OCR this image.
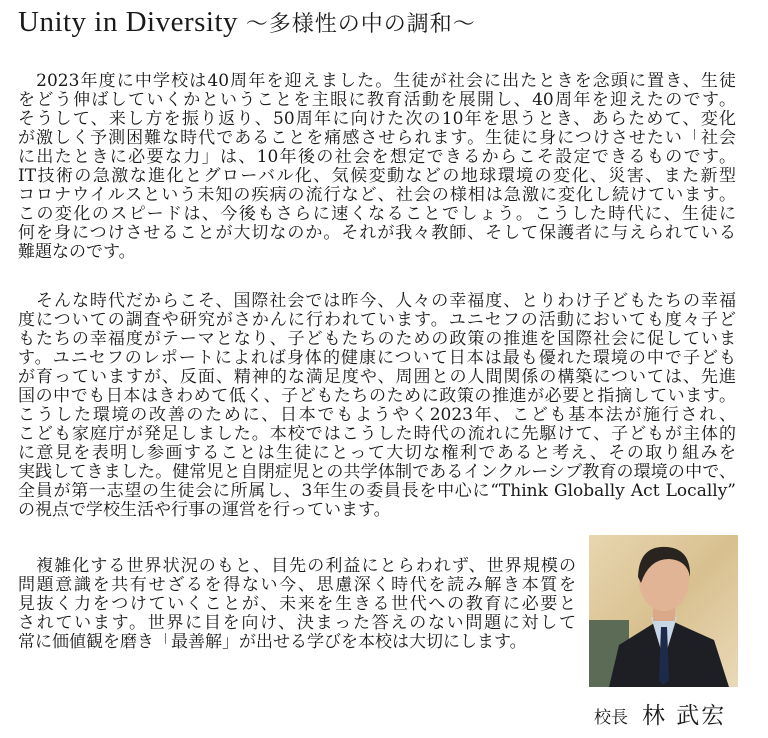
Unity in Diversity ～多様性の中の調和～
　2023年度に中学校は40周年を迎えました。生徒が社会に出たときを念頭に置き、生徒
をどう伸ばしていくかということを主眼に教育活動を展開し、40周年を迎えたのです。
そうして、来し方を振り返り、50周年に向けた次の10年を思うとき、あらためて、変化
が激しく予測困難な時代であることを痛感させられます。生徒に身につけさせたい「社会
に出たときに必要な力」は、10年後の社会を想定できるからこそ設定できるものです。
IT技術の急激な進化とグローバル化、気候変動などの地球環境の変化、災害、また新型
コロナウイルスという未知の疾病の流行など、社会の様相は急激に変化し続けています。
この変化のスピードは、今後もさらに速くなることでしょう。こうした時代に、生徒に
何を身につけさせることが大切なのか。それが我々教師、そして保護者に与えられている
難題なのです。
　そんな時代だからこそ、国際社会では昨今、人々の幸福度、とりわけ子どもたちの幸福
度についての調査や研究がさかんに行われています。ユニセフの活動においても度々子ど
もたちの幸福度がテーマとなり、子どもたちのための政策の推進を国際社会に促していま
す。ユニセフのレポートによれば身体的健康について日本は最も優れた環境の中で子ども
が育っていますが、反面、精神的な満足度や、周囲との人間関係の構築については、先進
国の中でも日本はきわめて低く、子どもたちのために政策の推進が必要と指摘しています。
こうした環境の改善のために、日本でもようやく2023年、こども基本法が施行され、
こども家庭庁が発足しました。本校ではこうした時代の流れに先駆けて、子どもが主体的
に意見を表明し参画することは生徒にとって大切な権利であると考え、その取り組みを
実践してきました。健常児と自閉症児との共学体制であるインクルーシブ教育の環境の中で、
全員が第一志望の生徒会に所属し、3年生の委員長を中心に“Think Globally Act Locally”
の視点で学校生活や行事の運営を行っています。
　複雑化する世界状況のもと、目先の利益にとらわれず、世界規模の
問題意識を共有せざるを得ない今、思慮深く時代を読み解き本質を
見抜く力をつけていくことが、未来を生きる世代への教育に必要と
されています。世界に目を向け、決まった答えのない問題に対して
常に価値観を磨き「最善解」が出せる学びを本校は大切にします。
校長 林 武宏
